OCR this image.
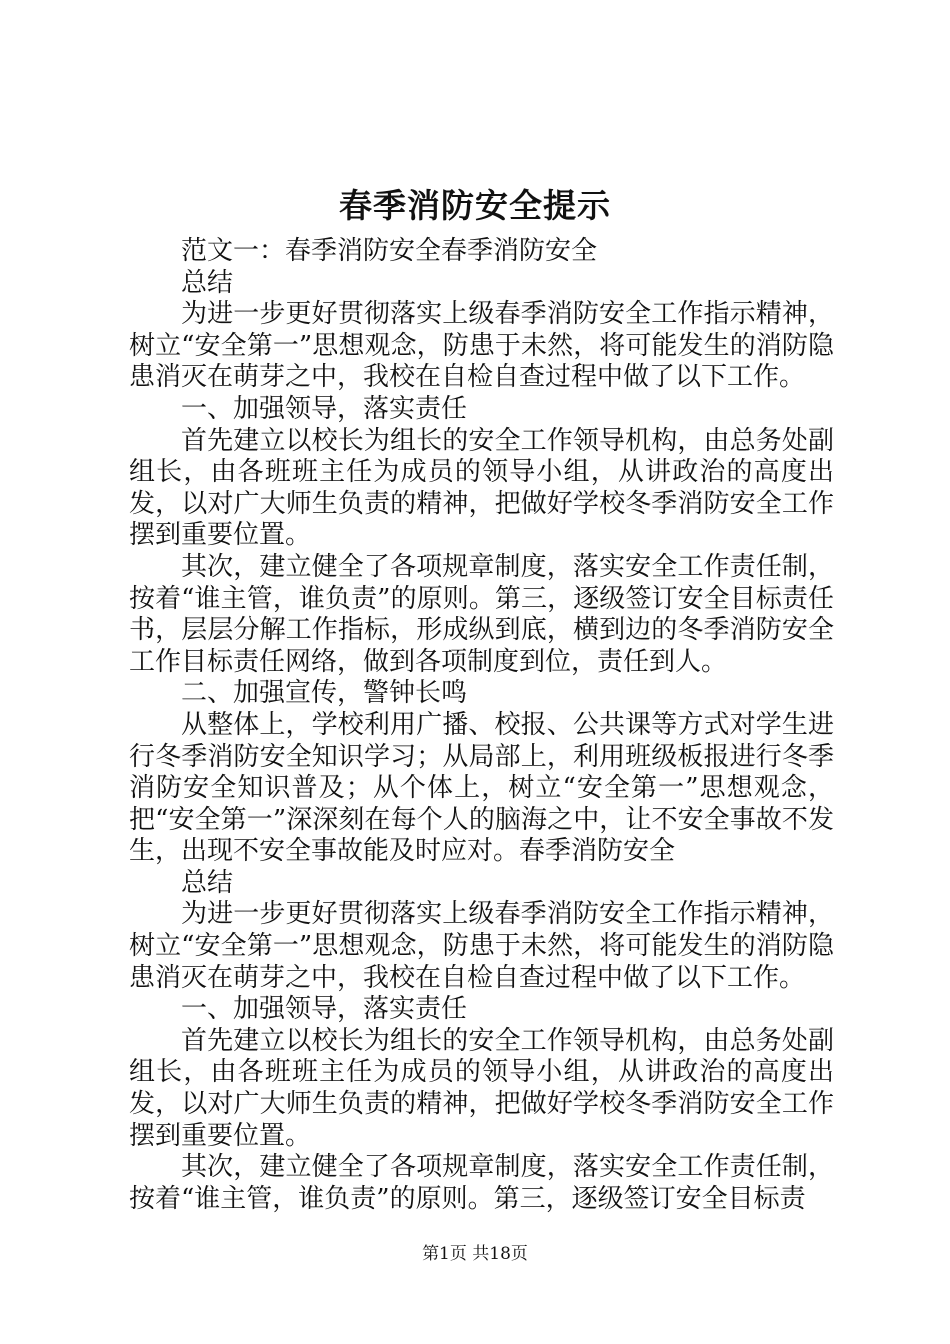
春季消防安全提示

范文一：春季消防安全春季消防安全

总结

为进一步更好贯彻落实上级春季消防安全工作指示精神，树立“安全第一”思想观念，防患于未然，将可能发生的消防隐患消灭在萌芽之中，我校在自检自查过程中做了以下工作。

一、加强领导，落实责任

首先建立以校长为组长的安全工作领导机构，由总务处副组长，由各班班主任为成员的领导小组，从讲政治的高度出发，以对广大师生负责的精神，把做好学校冬季消防安全工作摆到重要位置。

其次，建立健全了各项规章制度，落实安全工作责任制，按着“谁主管，谁负责”的原则。第三，逐级签订安全目标责任书，层层分解工作指标，形成纵到底，横到边的冬季消防安全工作目标责任网络，做到各项制度到位，责任到人。

二、加强宣传，警钟长鸣

从整体上，学校利用广播、校报、公共课等方式对学生进行冬季消防安全知识学习；从局部上，利用班级板报进行冬季消防安全知识普及；从个体上，树立“安全第一”思想观念，把“安全第一”深深刻在每个人的脑海之中，让不安全事故不发生，出现不安全事故能及时应对。春季消防安全

总结

为进一步更好贯彻落实上级春季消防安全工作指示精神，树立“安全第一”思想观念，防患于未然，将可能发生的消防隐患消灭在萌芽之中，我校在自检自查过程中做了以下工作。

一、加强领导，落实责任

首先建立以校长为组长的安全工作领导机构，由总务处副组长，由各班班主任为成员的领导小组，从讲政治的高度出发，以对广大师生负责的精神，把做好学校冬季消防安全工作摆到重要位置。

其次，建立健全了各项规章制度，落实安全工作责任制，按着“谁主管，谁负责”的原则。第三，逐级签订安全目标责

第1页 共18页
